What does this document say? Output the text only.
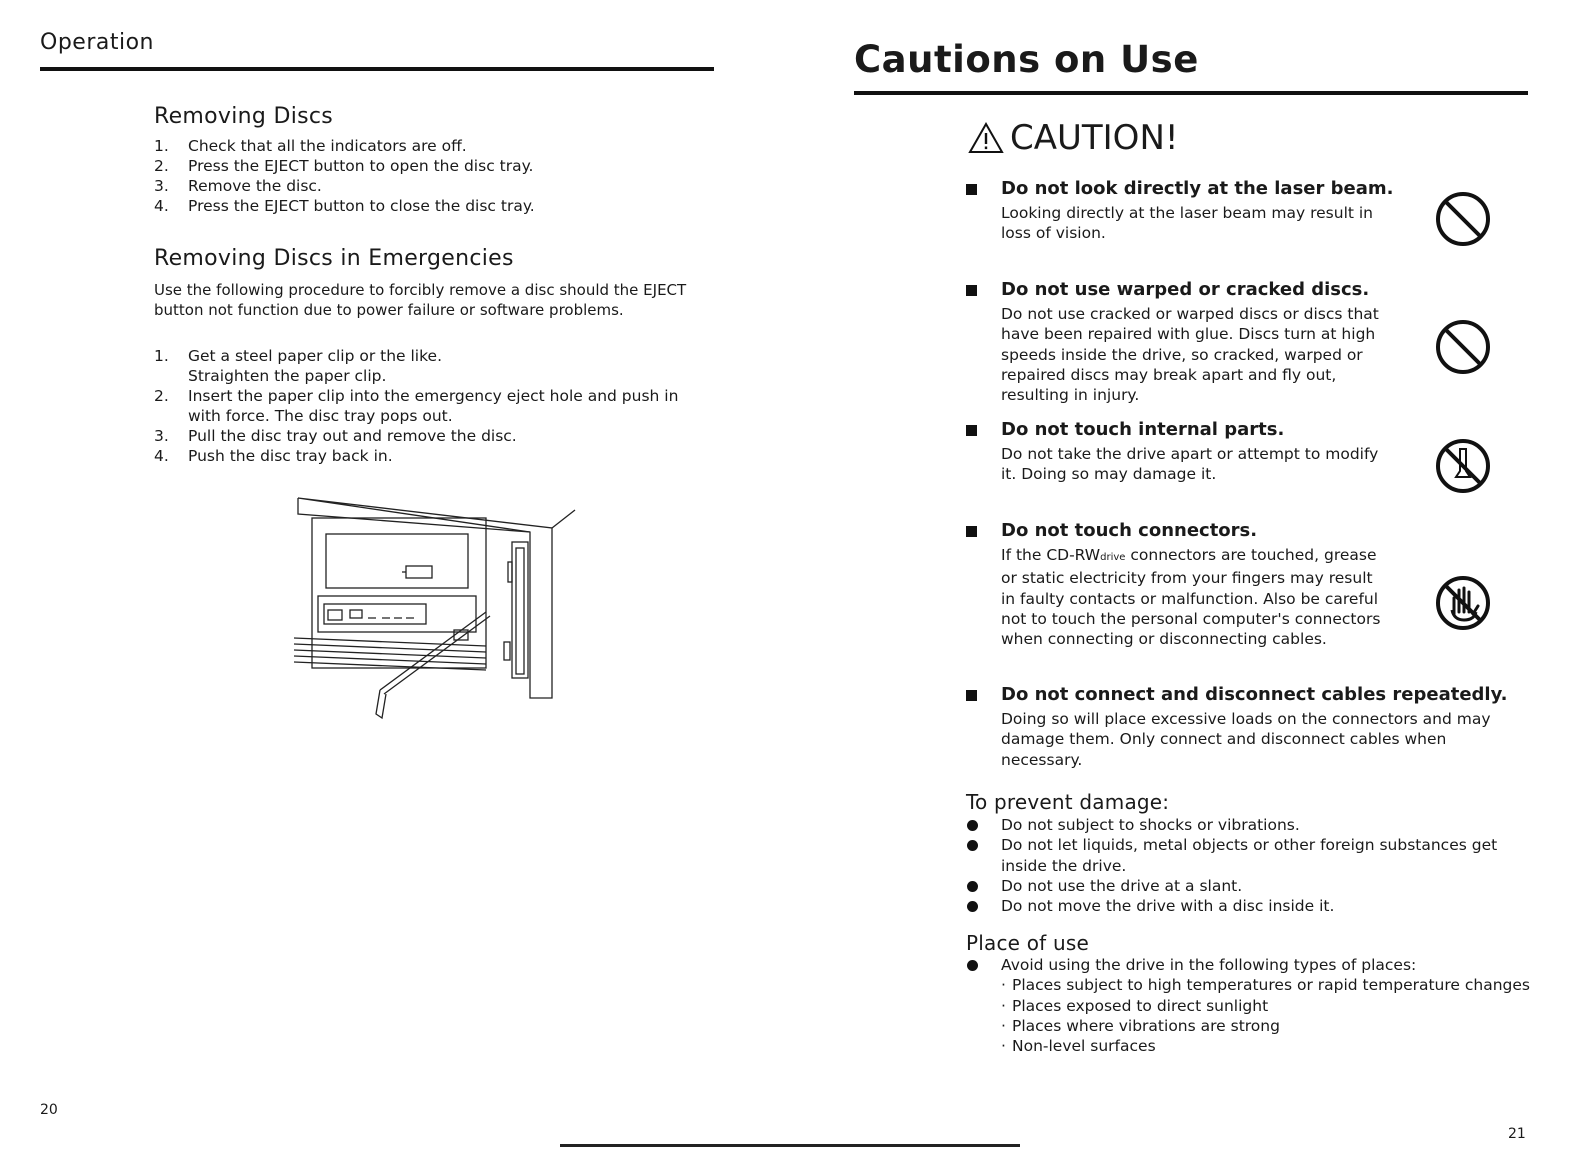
Operation
Removing Discs
1.	Check that all the indicators are off.
2.	Press the EJECT button to open the disc tray.
3.	Remove the disc.
4.	Press the EJECT button to close the disc tray.
Removing Discs in Emergencies
Use the following procedure to forcibly remove a disc should the EJECT button not function due to power failure or software problems.
1.	Get a steel paper clip or the like. Straighten the paper clip.
2.	Insert the paper clip into the emergency eject hole and push in with force. The disc tray pops out.
3.	Pull the disc tray out and remove the disc.
4.	Push the disc tray back in.
20
Cautions on Use
CAUTION!
Do not look directly at the laser beam.
Looking directly at the laser beam may result in loss of vision.
Do not use warped or cracked discs.
Do not use cracked or warped discs or discs that have been repaired with glue. Discs turn at high speeds inside the drive, so cracked, warped or repaired discs may break apart and fly out, resulting in injury.
Do not touch internal parts.
Do not take the drive apart or attempt to modify it. Doing so may damage it.
Do not touch connectors.
If the CD-RWdrive connectors are touched, grease or static electricity from your fingers may result in faulty contacts or malfunction. Also be careful not to touch the personal computer's connectors when connecting or disconnecting cables.
Do not connect and disconnect cables repeatedly.
Doing so will place excessive loads on the connectors and may damage them. Only connect and disconnect cables when necessary.
To prevent damage:
Do not subject to shocks or vibrations.
Do not let liquids, metal objects or other foreign substances get inside the drive.
Do not use the drive at a slant.
Do not move the drive with a disc inside it.
Place of use
Avoid using the drive in the following types of places:
· Places subject to high temperatures or rapid temperature changes
· Places exposed to direct sunlight
· Places where vibrations are strong
· Non-level surfaces
21
